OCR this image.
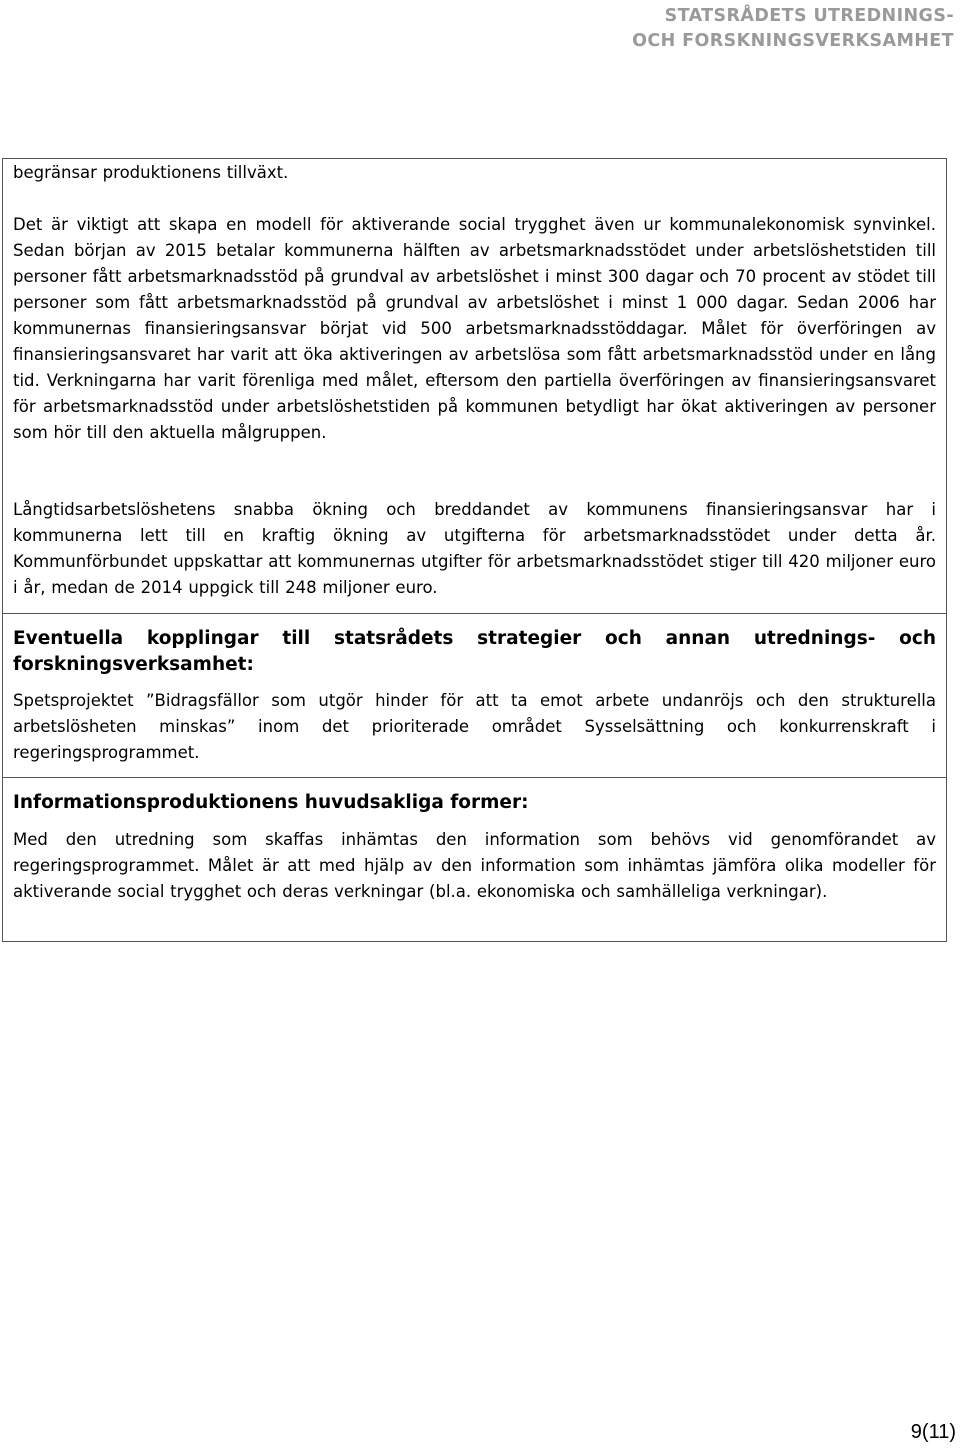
STATSRÅDETS UTREDNINGS-
OCH FORSKNINGSVERKSAMHET

begränsar produktionens tillväxt.

Det är viktigt att skapa en modell för aktiverande social trygghet även ur kommunalekonomisk synvinkel. Sedan början av 2015 betalar kommunerna hälften av arbetsmarknadsstödet under arbetslöshetstiden till personer fått arbetsmarknadsstöd på grundval av arbetslöshet i minst 300 dagar och 70 procent av stödet till personer som fått arbetsmarknadsstöd på grundval av arbetslöshet i minst 1 000 dagar. Sedan 2006 har kommunernas finansieringsansvar börjat vid 500 arbetsmarknadsstöddagar. Målet för överföringen av finansieringsansvaret har varit att öka aktiveringen av arbetslösa som fått arbetsmarknadsstöd under en lång tid. Verkningarna har varit förenliga med målet, eftersom den partiella överföringen av finansieringsansvaret för arbetsmarknadsstöd under arbetslöshetstiden på kommunen betydligt har ökat aktiveringen av personer som hör till den aktuella målgruppen.

Långtidsarbetslöshetens snabba ökning och breddandet av kommunens finansieringsansvar har i kommunerna lett till en kraftig ökning av utgifterna för arbetsmarknadsstödet under detta år. Kommunförbundet uppskattar att kommunernas utgifter för arbetsmarknadsstödet stiger till 420 miljoner euro i år, medan de 2014 uppgick till 248 miljoner euro.

Eventuella kopplingar till statsrådets strategier och annan utrednings- och forskningsverksamhet:

Spetsprojektet ”Bidragsfällor som utgör hinder för att ta emot arbete undanröjs och den strukturella arbetslösheten minskas” inom det prioriterade området Sysselsättning och konkurrenskraft i regeringsprogrammet.

Informationsproduktionens huvudsakliga former:

Med den utredning som skaffas inhämtas den information som behövs vid genomförandet av regeringsprogrammet. Målet är att med hjälp av den information som inhämtas jämföra olika modeller för aktiverande social trygghet och deras verkningar (bl.a. ekonomiska och samhälleliga verkningar).

9(11)
